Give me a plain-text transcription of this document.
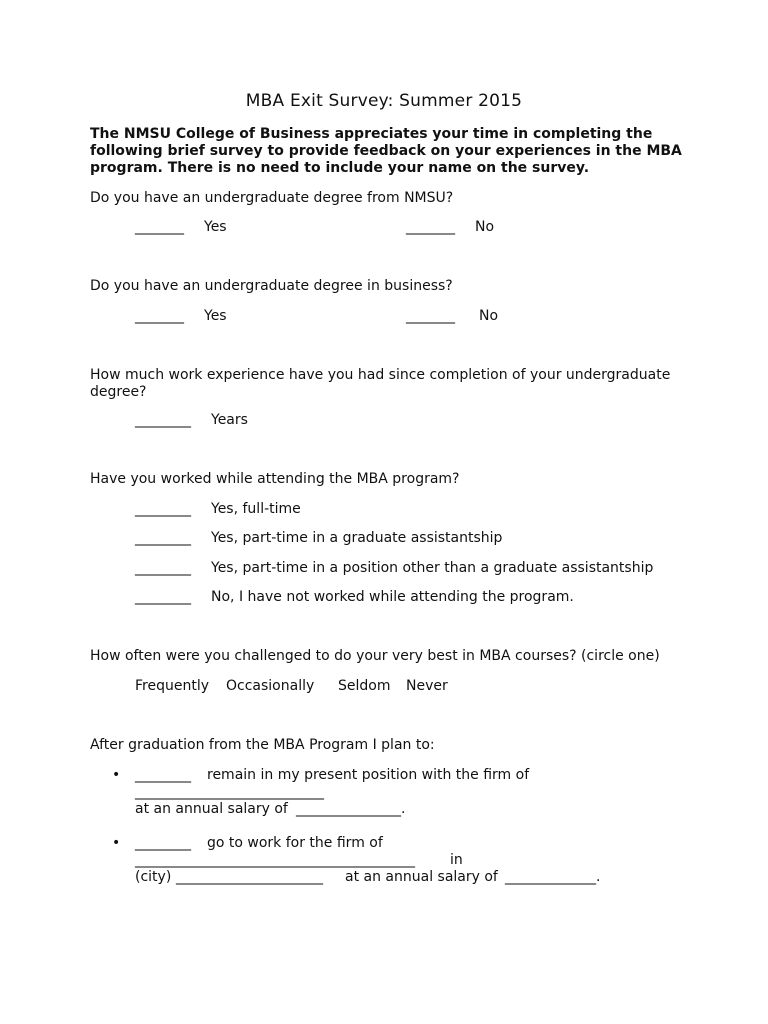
MBA Exit Survey: Summer 2015
The NMSU College of Business appreciates your time in completing the following brief survey to provide feedback on your experiences in the MBA program. There is no need to include your name on the survey.
Do you have an undergraduate degree from NMSU?
_______ Yes	_______ No
Do you have an undergraduate degree in business?
_______ Yes	_______ No
How much work experience have you had since completion of your undergraduate degree?
________ Years
Have you worked while attending the MBA program?
________ Yes, full-time
________ Yes, part-time in a graduate assistantship
________ Yes, part-time in a position other than a graduate assistantship
________ No, I have not worked while attending the program.
How often were you challenged to do your very best in MBA courses? (circle one)
Frequently Occasionally Seldom Never
After graduation from the MBA Program I plan to:
• ________ remain in my present position with the firm of
___________________________
at an annual salary of _______________.
• ________ go to work for the firm of
________________________________________	in
(city) _____________________ at an annual salary of _____________.
